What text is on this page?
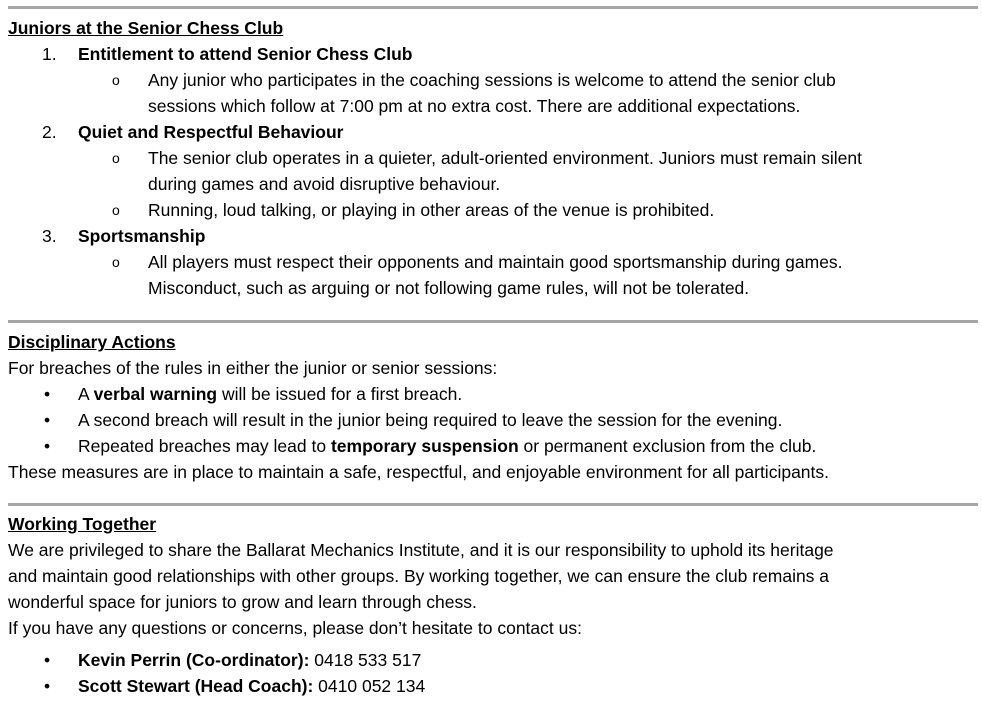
Juniors at the Senior Chess Club
1. Entitlement to attend Senior Chess Club
o Any junior who participates in the coaching sessions is welcome to attend the senior club
sessions which follow at 7:00 pm at no extra cost. There are additional expectations.
2. Quiet and Respectful Behaviour
o The senior club operates in a quieter, adult-oriented environment. Juniors must remain silent
during games and avoid disruptive behaviour.
o Running, loud talking, or playing in other areas of the venue is prohibited.
3. Sportsmanship
o All players must respect their opponents and maintain good sportsmanship during games.
Misconduct, such as arguing or not following game rules, will not be tolerated.
Disciplinary Actions
For breaches of the rules in either the junior or senior sessions:
• A verbal warning will be issued for a first breach.
• A second breach will result in the junior being required to leave the session for the evening.
• Repeated breaches may lead to temporary suspension or permanent exclusion from the club.
These measures are in place to maintain a safe, respectful, and enjoyable environment for all participants.
Working Together
We are privileged to share the Ballarat Mechanics Institute, and it is our responsibility to uphold its heritage
and maintain good relationships with other groups. By working together, we can ensure the club remains a
wonderful space for juniors to grow and learn through chess.
If you have any questions or concerns, please don’t hesitate to contact us:
• Kevin Perrin (Co-ordinator): 0418 533 517
• Scott Stewart (Head Coach): 0410 052 134
